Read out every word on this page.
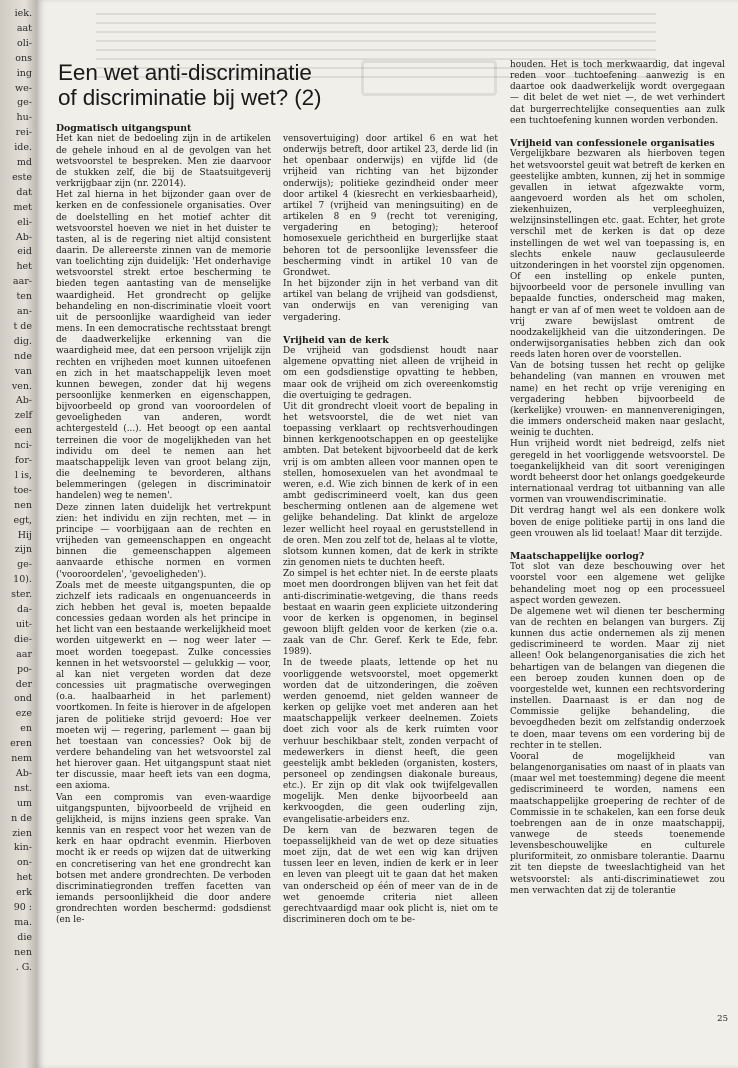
iek.
aat
oli-
ons
ing
we-
ge-
hu-
rei-
ide.
md
este
dat
met
eli-
Ab-
eid
het
aar-
ten
an-
t de
dig.
nde
van
ven.
Ab-
zelf
een
nci-
for-
l is,
toe-
nen
egt,
Hij
zijn
ge-
10).
ster.
da-
uit-
die-
aar
po-
der
ond
eze
en
eren
nem
Ab-
nst.
um
n de
zien
kin-
on-
het
erk
90 :
ma.
die
nen
. G.
Een wet anti-discriminatie
of discriminatie bij wet? (2)
Dogmatisch uitgangspunt

Het kan niet de bedoeling zijn in de artikelen de gehele inhoud en al de gevolgen van het wetsvoorstel te bespreken. Men zie daarvoor de stukken zelf, die bij de Staatsuitgeverij verkrijgbaar zijn (nr. 22014).

Het zal hierna in het bijzonder gaan over de kerken en de confessionele organisaties. Over de doelstelling en het motief achter dit wetsvoorstel hoeven we niet in het duister te tasten, al is de regering niet altijd consistent daarin. De allereerste zinnen van de memorie van toelichting zijn duidelijk: 'Het onderhavige wetsvoorstel strekt ertoe bescherming te bieden tegen aantasting van de menselijke waardigheid. Het grondrecht op gelijke behandeling en non-discriminatie vloeit voort uit de persoonlijke waardigheid van ieder mens. In een democratische rechtsstaat brengt de daadwerkelijke erkenning van die waardigheid mee, dat een persoon vrijelijk zijn rechten en vrijheden moet kunnen uitoefenen en zich in het maatschappelijk leven moet kunnen bewegen, zonder dat hij wegens persoonlijke kenmerken en eigenschappen, bijvoorbeeld op grond van vooroordelen of gevoeligheden van anderen, wordt achtergesteld (...). Het beoogt op een aantal terreinen die voor de mogelijkheden van het individu om deel te nemen aan het maatschappelijk leven van groot belang zijn, die deelneming te bevorderen, althans belemmeringen (gelegen in discriminatoir handelen) weg te nemen'.

Deze zinnen laten duidelijk het vertrekpunt zien: het individu en zijn rechten, met — in principe — voorbijgaan aan de rechten en vrijheden van gemeenschappen en ongeacht binnen die gemeenschappen algemeen aanvaarde ethische normen en vormen ('vooroordelen', 'gevoeligheden').

Zoals met de meeste uitgangspunten, die op zichzelf iets radicaals en ongenuanceerds in zich hebben het geval is, moeten bepaalde concessies gedaan worden als het principe in het licht van een bestaande werkelijkheid moet worden uitgewerkt en — nog weer later — moet worden toegepast. Zulke concessies kennen in het wetsvoorstel — gelukkig — voor, al kan niet vergeten worden dat deze concessies uit pragmatische overwegingen (o.a. haalbaarheid in het parlement) voortkomen. In feite is hierover in de afgelopen jaren de politieke strijd gevoerd: Hoe ver moeten wij — regering, parlement — gaan bij het toestaan van concessies? Ook bij de verdere behandeling van het wetsvoorstel zal het hierover gaan. Het uitgangspunt staat niet ter discussie, maar heeft iets van een dogma, een axioma.

Van een compromis van even-waardige uitgangspunten, bijvoorbeeld de vrijheid en gelijkheid, is mijns inziens geen sprake. Van kennis van en respect voor het wezen van de kerk en haar opdracht evenmin. Hierboven mocht ik er reeds op wijzen dat de uitwerking en concretisering van het ene grondrecht kan botsen met andere grondrechten. De verboden discriminatiegronden treffen facetten van iemands persoonlijkheid die door andere grondrechten worden beschermd: godsdienst (en le-

vensovertuiging) door artikel 6 en wat het onderwijs betreft, door artikel 23, derde lid (in het openbaar onderwijs) en vijfde lid (de vrijheid van richting van het bijzonder onderwijs); politieke gezindheid onder meer door artikel 4 (kiesrecht en verkiesbaarheid), artikel 7 (vrijheid van meningsuiting) en de artikelen 8 en 9 (recht tot vereniging, vergadering en betoging); heteroof homosexuele gerichtheid en burgerlijke staat behoren tot de persoonlijke levenssfeer die bescherming vindt in artikel 10 van de Grondwet.

In het bijzonder zijn in het verband van dit artikel van belang de vrijheid van godsdienst, van onderwijs en van vereniging van vergadering.

Vrijheid van de kerk

De vrijheid van godsdienst houdt naar algemene opvatting niet alleen de vrijheid in om een godsdienstige opvatting te hebben, maar ook de vrijheid om zich overeenkomstig die overtuiging te gedragen.

Uit dit grondrecht vloeit voort de bepaling in het wetsvoorstel, die de wet niet van toepassing verklaart op rechtsverhoudingen binnen kerkgenootschappen en op geestelijke ambten. Dat betekent bijvoorbeeld dat de kerk vrij is om ambten alleen voor mannen open te stellen, homosexuelen van het avondmaal te weren, e.d. Wie zich binnen de kerk of in een ambt gediscrimineerd voelt, kan dus geen bescherming ontlenen aan de algemene wet gelijke behandeling. Dat klinkt de argeloze lezer wellicht heel royaal en geruststellend in de oren. Men zou zelf tot de, helaas al te vlotte, slotsom kunnen komen, dat de kerk in strikte zin genomen niets te duchten heeft.

Zo simpel is het echter niet. In de eerste plaats moet men doordrongen blijven van het feit dat anti-discriminatie-wetgeving, die thans reeds bestaat en waarin geen expliciete uitzondering voor de kerken is opgenomen, in beginsel gewoon blijft gelden voor de kerken (zie o.a. zaak van de Chr. Geref. Kerk te Ede, febr. 1989).

In de tweede plaats, lettende op het nu voorliggende wetsvoorstel, moet opgemerkt worden dat de uitzonderingen, die zoëven werden genoemd, niet gelden wanneer de kerken op gelijke voet met anderen aan het maatschappelijk verkeer deelnemen. Zoiets doet zich voor als de kerk ruimten voor verhuur beschikbaar stelt, zonden verpacht of medewerkers in dienst heeft, die geen geestelijk ambt bekleden (organisten, kosters, personeel op zendingsen diakonale bureaus, etc.). Er zijn op dit vlak ook twijfelgevallen mogelijk. Men denke bijvoorbeeld aan kerkvoogden, die geen ouderling zijn, evangelisatie-arbeiders enz.

De kern van de bezwaren tegen de toepasselijkheid van de wet op deze situaties moet zijn, dat de wet een wig kan drijven tussen leer en leven, indien de kerk er in leer en leven van pleegt uit te gaan dat het maken van onderscheid op één of meer van de in de wet genoemde criteria niet alleen gerechtvaardigd maar ook plicht is, niet om te discrimineren doch om te be-

houden. Het is toch merkwaardig, dat ingeval reden voor tuchtoefening aanwezig is en daartoe ook daadwerkelijk wordt overgegaan — dit belet de wet niet —, de wet verhindert dat burgerrechtelijke consequenties aan zulk een tuchtoefening kunnen worden verbonden.

Vrijheid van confessionele organisaties

Vergelijkbare bezwaren als hierboven tegen het wetsvoorstel geuit wat betreft de kerken en geestelijke ambten, kunnen, zij het in sommige gevallen in ietwat afgezwakte vorm, aangevoerd worden als het om scholen, ziekenhuizen, verpleeghuizen, welzijnsinstellingen etc. gaat. Echter, het grote verschil met de kerken is dat op deze instellingen de wet wel van toepassing is, en slechts enkele nauw geclausuleerde uitzonderingen in het voorstel zijn opgenomen. Of een instelling op enkele punten, bijvoorbeeld voor de personele invulling van bepaalde functies, onderscheid mag maken, hangt er van af of men weet te voldoen aan de vrij zware bewijslast omtrent de noodzakelijkheid van die uitzonderingen. De onderwijsorganisaties hebben zich dan ook reeds laten horen over de voorstellen.

Van de botsing tussen het recht op gelijke behandeling (van mannen en vrouwen met name) en het recht op vrije vereniging en vergadering hebben bijvoorbeeld de (kerkelijke) vrouwen- en mannenverenigingen, die immers onderscheid maken naar geslacht, weinig te duchten.

Hun vrijheid wordt niet bedreigd, zelfs niet geregeld in het voorliggende wetsvoorstel. De toegankelijkheid van dit soort verenigingen wordt beheerst door het onlangs goedgekeurde internationaal verdrag tot uitbanning van alle vormen van vrouwendiscriminatie.

Dit verdrag hangt wel als een donkere wolk boven de enige politieke partij in ons land die geen vrouwen als lid toelaat! Maar dit terzijde.

Maatschappelijke oorlog?

Tot slot van deze beschouwing over het voorstel voor een algemene wet gelijke behandeling moet nog op een processueel aspect worden gewezen.

De algemene wet wil dienen ter bescherming van de rechten en belangen van burgers. Zij kunnen dus actie ondernemen als zij menen gediscrimineerd te worden. Maar zij niet alleen! Ook belangenorganisaties die zich het behartigen van de belangen van diegenen die een beroep zouden kunnen doen op de voorgestelde wet, kunnen een rechtsvordering instellen. Daarnaast is er dan nog de Commissie gelijke behandeling, die bevoegdheden bezit om zelfstandig onderzoek te doen, maar tevens om een vordering bij de rechter in te stellen.

Vooral de mogelijkheid van belangenorganisaties om naast of in plaats van (maar wel met toestemming) degene die meent gediscrimineerd te worden, namens een maatschappelijke groepering de rechter of de Commissie in te schakelen, kan een forse deuk toebrengen aan de in onze maatschappij, vanwege de steeds toenemende levensbeschouwelijke en culturele pluriformiteit, zo onmisbare tolerantie. Daarnu zit ten diepste de tweeslachtigheid van het wetsvoorstel: als anti-discriminatiewet zou men verwachten dat zij de tolerantie

25
